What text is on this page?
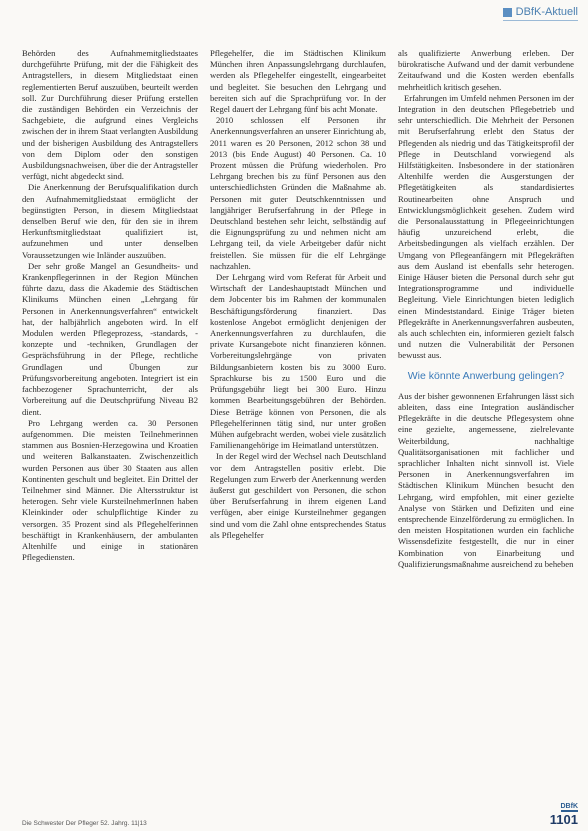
DBfK-Aktuell

Behörden des Aufnahmemitgliedstaates durchgeführte Prüfung, mit der die Fähigkeit des Antragstellers, in diesem Mitgliedstaat einen reglementierten Beruf auszuüben, beurteilt werden soll. Zur Durchführung dieser Prüfung erstellen die zuständigen Behörden ein Verzeichnis der Sachgebiete, die aufgrund eines Vergleichs zwischen der in ihrem Staat verlangten Ausbildung und der bisherigen Ausbildung des Antragstellers von dem Diplom oder den sonstigen Ausbildungsnachweisen, über die der Antragsteller verfügt, nicht abgedeckt sind.

Die Anerkennung der Berufsqualifikation durch den Aufnahmemitgliedstaat ermöglicht der begünstigten Person, in diesem Mitgliedstaat denselben Beruf wie den, für den sie in ihrem Herkunftsmitgliedstaat qualifiziert ist, aufzunehmen und unter denselben Voraussetzungen wie Inländer auszuüben.

Der sehr große Mangel an Gesundheits- und Krankenpflegerinnen in der Region München führte dazu, dass die Akademie des Städtischen Klinikums München einen „Lehrgang für Personen in Anerkennungsverfahren“ entwickelt hat, der halbjährlich angeboten wird. In elf Modulen werden Pflegeprozess, -standards, -konzepte und -techniken, Grundlagen der Gesprächsführung in der Pflege, rechtliche Grundlagen und Übungen zur Prüfungsvorbereitung angeboten. Integriert ist ein fachbezogener Sprachunterricht, der als Vorbereitung auf die Deutschprüfung Niveau B2 dient.

Pro Lehrgang werden ca. 30 Personen aufgenommen. Die meisten Teilnehmerinnen stammen aus Bosnien-Herzegowina und Kroatien und weiteren Balkanstaaten. Zwischenzeitlich wurden Personen aus über 30 Staaten aus allen Kontinenten geschult und begleitet. Ein Drittel der Teilnehmer sind Männer. Die Altersstruktur ist heterogen. Sehr viele KursteilnehmerInnen haben Kleinkinder oder schulpflichtige Kinder zu versorgen. 35 Prozent sind als Pflegehelferinnen beschäftigt in Krankenhäusern, der ambulanten Altenhilfe und einige in stationären Pflegediensten.

Pflegehelfer, die im Städtischen Klinikum München ihren Anpassungslehrgang durchlaufen, werden als Pflegehelfer eingestellt, eingearbeitet und begleitet. Sie besuchen den Lehrgang und bereiten sich auf die Sprachprüfung vor. In der Regel dauert der Lehrgang fünf bis acht Monate.

2010 schlossen elf Personen ihr Anerkennungsverfahren an unserer Einrichtung ab, 2011 waren es 20 Personen, 2012 schon 38 und 2013 (bis Ende August) 40 Personen. Ca. 10 Prozent müssen die Prüfung wiederholen. Pro Lehrgang brechen bis zu fünf Personen aus den unterschiedlichsten Gründen die Maßnahme ab. Personen mit guter Deutschkenntnissen und langjähriger Berufserfahrung in der Pflege in Deutschland bestehen sehr leicht, selbständig auf die Eignungsprüfung zu und nehmen nicht am Lehrgang teil, da viele Arbeitgeber dafür nicht freistellen. Sie müssen für die elf Lehrgänge nachzahlen.

Der Lehrgang wird vom Referat für Arbeit und Wirtschaft der Landeshauptstadt München und dem Jobcenter bis im Rahmen der kommunalen Beschäftigungsförderung finanziert. Das kostenlose Angebot ermöglicht denjenigen der Anerkennungsverfahren zu durchlaufen, die private Kursangebote nicht finanzieren können. Vorbereitungslehrgänge von privaten Bildungsanbietern kosten bis zu 3000 Euro. Sprachkurse bis zu 1500 Euro und die Prüfungsgebühr liegt bei 300 Euro. Hinzu kommen Bearbeitungsgebühren der Behörden. Diese Beträge können von Personen, die als Pflegehelferinnen tätig sind, nur unter großen Mühen aufgebracht werden, wobei viele zusätzlich Familienangehörige im Heimatland unterstützen.

In der Regel wird der Wechsel nach Deutschland vor dem Antragstellen positiv erlebt. Die Regelungen zum Erwerb der Anerkennung werden äußerst gut geschildert von Personen, die schon über Berufserfahrung in ihrem eigenen Land verfügen, aber einige Kursteilnehmer gegangen sind und vom die Zahl ohne entsprechendes Status als Pflegehelfer

als qualifizierte Anwerbung erleben. Der bürokratische Aufwand und der damit verbundene Zeitaufwand und die Kosten werden ebenfalls mehrheitlich kritisch gesehen.

Erfahrungen im Umfeld nehmen Personen im der Integration in den deutschen Pflegebetrieb und sehr unterschiedlich. Die Mehrheit der Personen mit Berufserfahrung erlebt den Status der Pflegenden als niedrig und das Tätigkeitsprofil der Pflege in Deutschland vorwiegend als Hilfstätigkeiten. Insbesondere in der stationären Altenhilfe werden die Ausgerstungen der Pflegetätigkeiten als standardisiertes Routinearbeiten ohne Anspruch und Entwicklungsmöglichkeit gesehen. Zudem wird die Personalausstattung in Pflegeeinrichtungen häufig unzureichend erlebt, die Arbeitsbedingungen als vielfach erzählen. Der Umgang von Pflegeanfängern mit Pflegekräften aus dem Ausland ist ebenfalls sehr heterogen. Einige Häuser bieten die Personal durch sehr gut Integrationsprogramme und individuelle Begleitung. Viele Einrichtungen bieten lediglich einen Mindeststandard. Einige Träger bieten Pflegekräfte in Anerkennungsverfahren ausbeuten, als auch schlechten ein, informieren gezielt falsch und nutzen die Vulnerabilität der Personen bewusst aus.

Wie könnte Anwerbung gelingen?

Aus der bisher gewonnenen Erfahrungen lässt sich ableiten, dass eine Integration ausländischer Pflegekräfte in die deutsche Pflegesystem ohne eine gezielte, angemessene, zielrelevante Weiterbildung, nachhaltige Qualitätsorganisationen mit fachlicher und sprachlicher Inhalten nicht sinnvoll ist. Viele Personen in Anerkennungsverfahren im Städtischen Klinikum München besucht den Lehrgang, wird empfohlen, mit einer gezielte Analyse von Stärken und Defiziten und eine entsprechende Einzelförderung zu ermöglichen. In den meisten Hospitationen wurden ein fachliche Wissensdefizite festgestellt, die nur in einer Kombination von Einarbeitung und Qualifizierungsmaßnahme ausreichend zu beheben

Die Schwester Der Pfleger 52. Jahrg. 11|13
DBfK
1101
